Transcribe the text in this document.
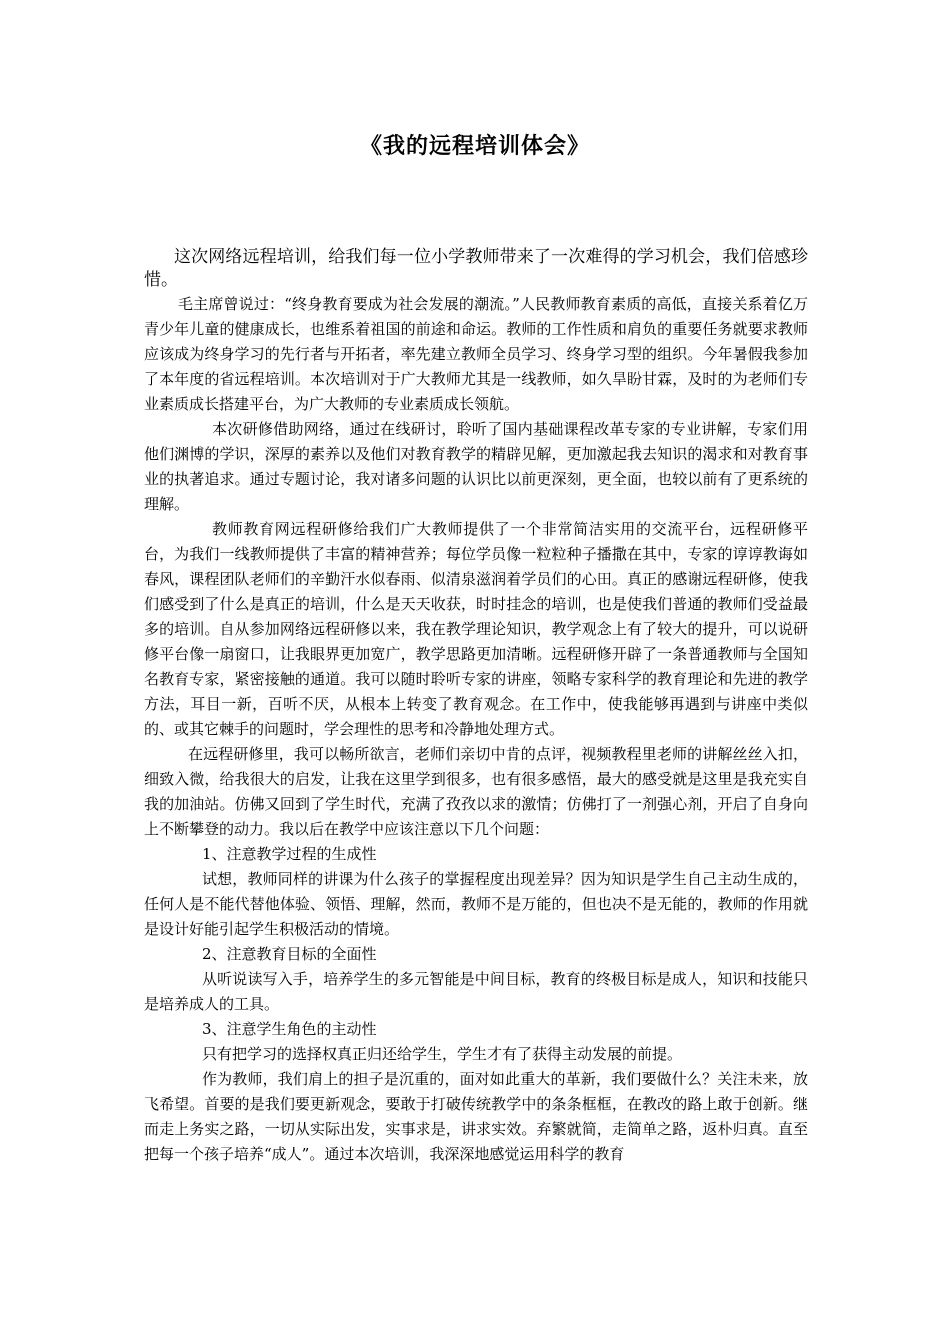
《我的远程培训体会》

这次网络远程培训，给我们每一位小学教师带来了一次难得的学习机会，我们倍感珍惜。

毛主席曾说过：“终身教育要成为社会发展的潮流。”人民教师教育素质的高低，直接关系着亿万青少年儿童的健康成长，也维系着祖国的前途和命运。教师的工作性质和肩负的重要任务就要求教师应该成为终身学习的先行者与开拓者，率先建立教师全员学习、终身学习型的组织。今年暑假我参加了本年度的省远程培训。本次培训对于广大教师尤其是一线教师，如久旱盼甘霖，及时的为老师们专业素质成长搭建平台，为广大教师的专业素质成长领航。

本次研修借助网络，通过在线研讨，聆听了国内基础课程改革专家的专业讲解，专家们用他们渊博的学识，深厚的素养以及他们对教育教学的精辟见解，更加激起我去知识的渴求和对教育事业的执著追求。通过专题讨论，我对诸多问题的认识比以前更深刻，更全面，也较以前有了更系统的理解。

教师教育网远程研修给我们广大教师提供了一个非常简洁实用的交流平台，远程研修平台，为我们一线教师提供了丰富的精神营养；每位学员像一粒粒种子播撒在其中，专家的谆谆教诲如春风，课程团队老师们的辛勤汗水似春雨、似清泉滋润着学员们的心田。真正的感谢远程研修，使我们感受到了什么是真正的培训，什么是天天收获，时时挂念的培训，也是使我们普通的教师们受益最多的培训。自从参加网络远程研修以来，我在教学理论知识，教学观念上有了较大的提升，可以说研修平台像一扇窗口，让我眼界更加宽广，教学思路更加清晰。远程研修开辟了一条普通教师与全国知名教育专家，紧密接触的通道。我可以随时聆听专家的讲座，领略专家科学的教育理论和先进的教学方法，耳目一新，百听不厌，从根本上转变了教育观念。在工作中，使我能够再遇到与讲座中类似的、或其它棘手的问题时，学会理性的思考和冷静地处理方式。

在远程研修里，我可以畅所欲言，老师们亲切中肯的点评，视频教程里老师的讲解丝丝入扣，细致入微，给我很大的启发，让我在这里学到很多，也有很多感悟，最大的感受就是这里是我充实自我的加油站。仿佛又回到了学生时代，充满了孜孜以求的激情；仿佛打了一剂强心剂，开启了自身向上不断攀登的动力。我以后在教学中应该注意以下几个问题：

1、注意教学过程的生成性

试想，教师同样的讲课为什么孩子的掌握程度出现差异？因为知识是学生自己主动生成的，任何人是不能代替他体验、领悟、理解，然而，教师不是万能的，但也决不是无能的，教师的作用就是设计好能引起学生积极活动的情境。

2、注意教育目标的全面性

从听说读写入手，培养学生的多元智能是中间目标，教育的终极目标是成人，知识和技能只是培养成人的工具。

3、注意学生角色的主动性

只有把学习的选择权真正归还给学生，学生才有了获得主动发展的前提。

作为教师，我们肩上的担子是沉重的，面对如此重大的革新，我们要做什么？关注未来，放飞希望。首要的是我们要更新观念，要敢于打破传统教学中的条条框框，在教改的路上敢于创新。继而走上务实之路，一切从实际出发，实事求是，讲求实效。弃繁就简，走简单之路，返朴归真。直至把每一个孩子培养“成人”。通过本次培训，我深深地感觉运用科学的教育
